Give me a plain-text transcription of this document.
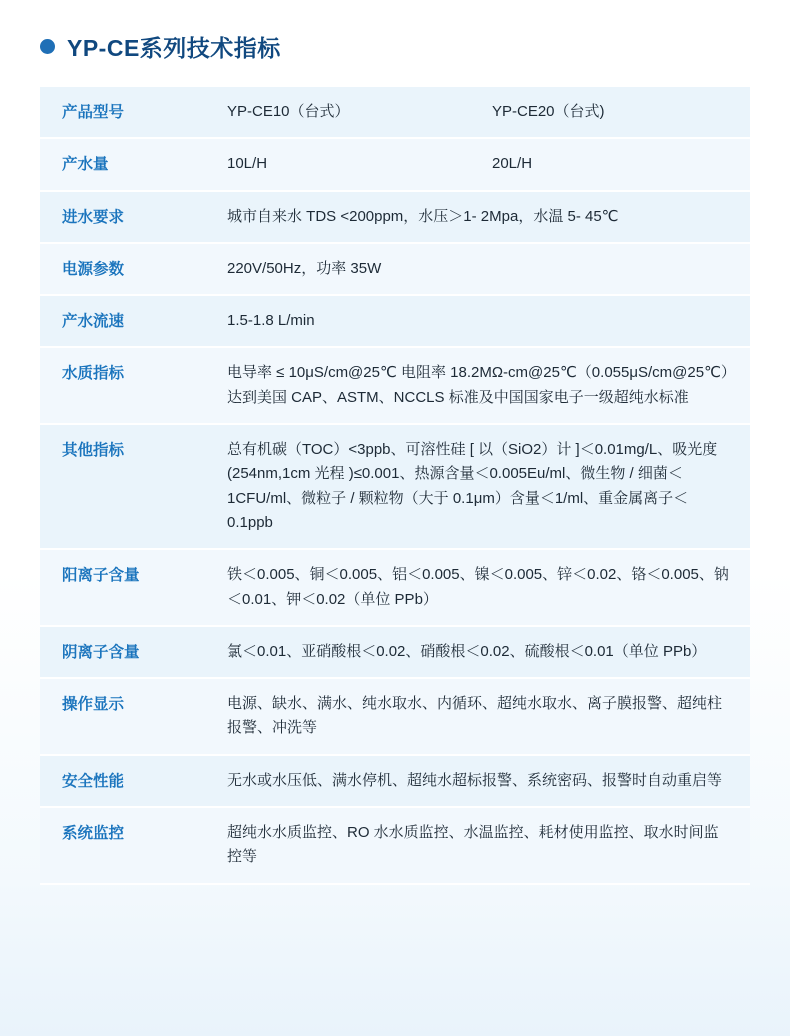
YP-CE系列技术指标
产品型号	YP-CE10（台式） YP-CE20（台式)
产水量	10L/H 20L/H
进水要求	城市自来水 TDS <200ppm，水压＞1- 2Mpa，水温 5- 45℃
电源参数	220V/50Hz，功率 35W
产水流速	1.5-1.8 L/min
水质指标	电导率 ≤ 10μS/cm@25℃ 电阻率 18.2MΩ-cm@25℃（0.055μS/cm@25℃）达到美国 CAP、ASTM、NCCLS 标准及中国国家电子一级超纯水标准
其他指标	总有机碳（TOC）<3ppb、可溶性硅 [ 以（SiO2）计 ]＜0.01mg/L、吸光度 (254nm,1cm 光程 )≤0.001、热源含量＜0.005Eu/ml、微生物 / 细菌＜1CFU/ml、微粒子 / 颗粒物（大于 0.1μm）含量＜1/ml、重金属离子＜0.1ppb
阳离子含量	铁＜0.005、铜＜0.005、铝＜0.005、镍＜0.005、锌＜0.02、铬＜0.005、钠＜0.01、钾＜0.02（单位 PPb）
阴离子含量	氯＜0.01、亚硝酸根＜0.02、硝酸根＜0.02、硫酸根＜0.01（单位 PPb）
操作显示	电源、缺水、满水、纯水取水、内循环、超纯水取水、离子膜报警、超纯柱报警、冲洗等
安全性能	无水或水压低、满水停机、超纯水超标报警、系统密码、报警时自动重启等
系统监控	超纯水水质监控、RO 水水质监控、水温监控、耗材使用监控、取水时间监控等
